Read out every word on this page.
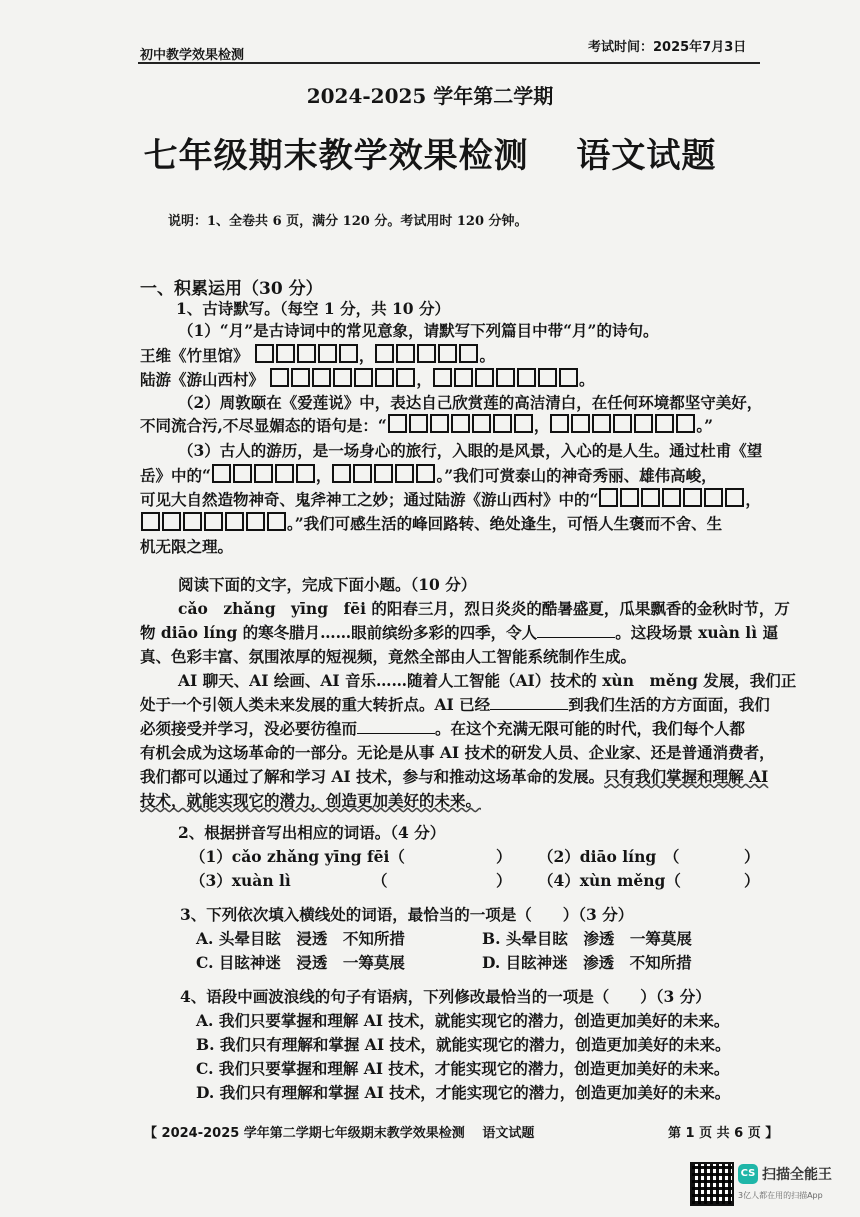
初中教学效果检测
考试时间：2025年7月3日
2024-2025 学年第二学期
七年级期末教学效果检测　 语文试题
说明：1、全卷共 6 页，满分 120 分。考试用时 120 分钟。
一、积累运用（30 分）
1、古诗默写。（每空 1 分，共 10 分）
（1）“月”是古诗词中的常见意象，请默写下列篇目中带“月”的诗句。
王维《竹里馆》	，	。
陆游《游山西村》	，	。
（2）周敦颐在《爱莲说》中，表达自己欣赏莲的高洁清白，在任何环境都坚守美好，
不同流合污,不尽显媚态的语句是：“	，	。”
（3）古人的游历，是一场身心的旅行，入眼的是风景，入心的是人生。通过杜甫《望
岳》中的“	，	。”我们可赏泰山的神奇秀丽、雄伟高峻，
可见大自然造物神奇、鬼斧神工之妙；通过陆游《游山西村》中的“	，
。”我们可感生活的峰回路转、绝处逢生，可悟人生褒而不舍、生
机无限之理。
阅读下面的文字，完成下面小题。（10 分）
cǎo　zhǎng　yīng　fēi 的阳春三月，烈日炎炎的酷暑盛夏，瓜果飘香的金秋时节，万
物 diāo líng 的寒冬腊月……眼前缤纷多彩的四季，令人	。这段场景 xuàn lì 逼
真、色彩丰富、氛围浓厚的短视频，竟然全部由人工智能系统制作生成。
AI 聊天、AI 绘画、AI 音乐……随着人工智能（AI）技术的 xùn　měng 发展，我们正
处于一个引领人类未来发展的重大转折点。AI 已经	到我们生活的方方面面，我们
必须接受并学习，没必要彷徨而	。在这个充满无限可能的时代，我们每个人都
有机会成为这场革命的一部分。无论是从事 AI 技术的研发人员、企业家、还是普通消费者，
我们都可以通过了解和学习 AI 技术，参与和推动这场革命的发展。只有我们掌握和理解 AI
技术，就能实现它的潜力，创造更加美好的未来。
2、根据拼音写出相应的词语。（4 分）
（1）cǎo zhǎng yīng fēi（	） （2）diāo líng　（	）
（3）xuàn lì	（	） （4）xùn měng（	）
3、下列依次填入横线处的词语，最恰当的一项是（　　）（3 分）
A. 头晕目眩　浸透　不知所措	B. 头晕目眩　渗透　一筹莫展
C. 目眩神迷　浸透　一筹莫展	D. 目眩神迷　渗透　不知所措
4、语段中画波浪线的句子有语病，下列修改最恰当的一项是（　　）（3 分）
A. 我们只要掌握和理解 AI 技术，就能实现它的潜力，创造更加美好的未来。
B. 我们只有理解和掌握 AI 技术，就能实现它的潜力，创造更加美好的未来。
C. 我们只要掌握和理解 AI 技术，才能实现它的潜力，创造更加美好的未来。
D. 我们只有理解和掌握 AI 技术，才能实现它的潜力，创造更加美好的未来。
【 2024-2025 学年第二学期七年级期末教学效果检测　 语文试题	第 1 页 共 6 页 】
CS 扫描全能王
3亿人都在用的扫描App
